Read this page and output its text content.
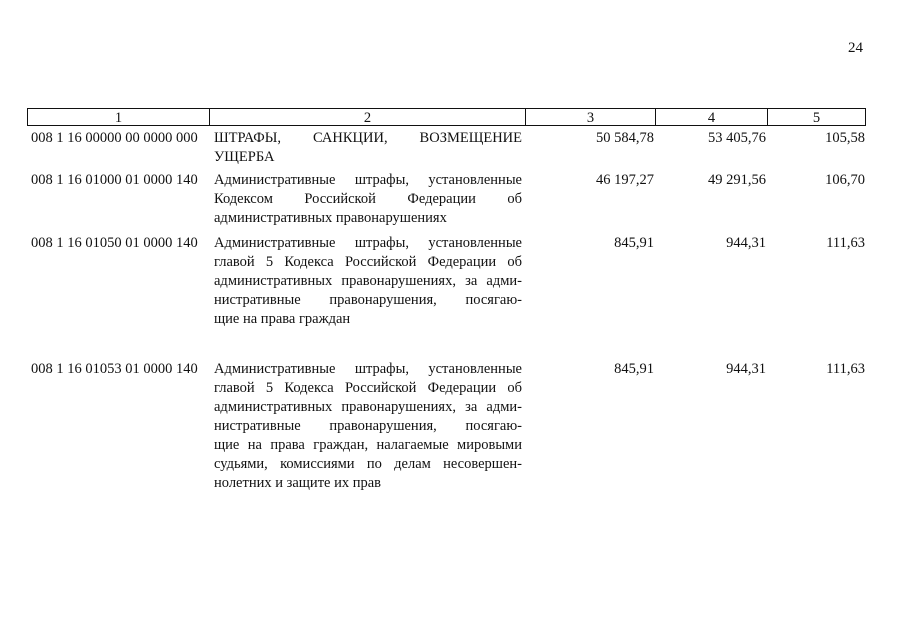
24
1	2	3	4	5
008 1 16 00000 00 0000 000 ШТРАФЫ, САНКЦИИ, ВОЗМЕЩЕНИЕ
УЩЕРБА
50 584,78	53 405,76	105,58
008 1 16 01000 01 0000 140 Административные штрафы, установленные
Кодексом Российской Федерации об
административных правонарушениях
46 197,27	49 291,56	106,70
008 1 16 01050 01 0000 140 Административные штрафы, установленные
главой 5 Кодекса Российской Федерации об
административных правонарушениях, за адми-
нистративные правонарушения, посягаю-
щие на права граждан
845,91	944,31	111,63
008 1 16 01053 01 0000 140 Административные штрафы, установленные
главой 5 Кодекса Российской Федерации об
административных правонарушениях, за адми-
нистративные правонарушения, посягаю-
щие на права граждан, налагаемые мировыми
судьями, комиссиями по делам несовершен-
нолетних и защите их прав
845,91	944,31	111,63
